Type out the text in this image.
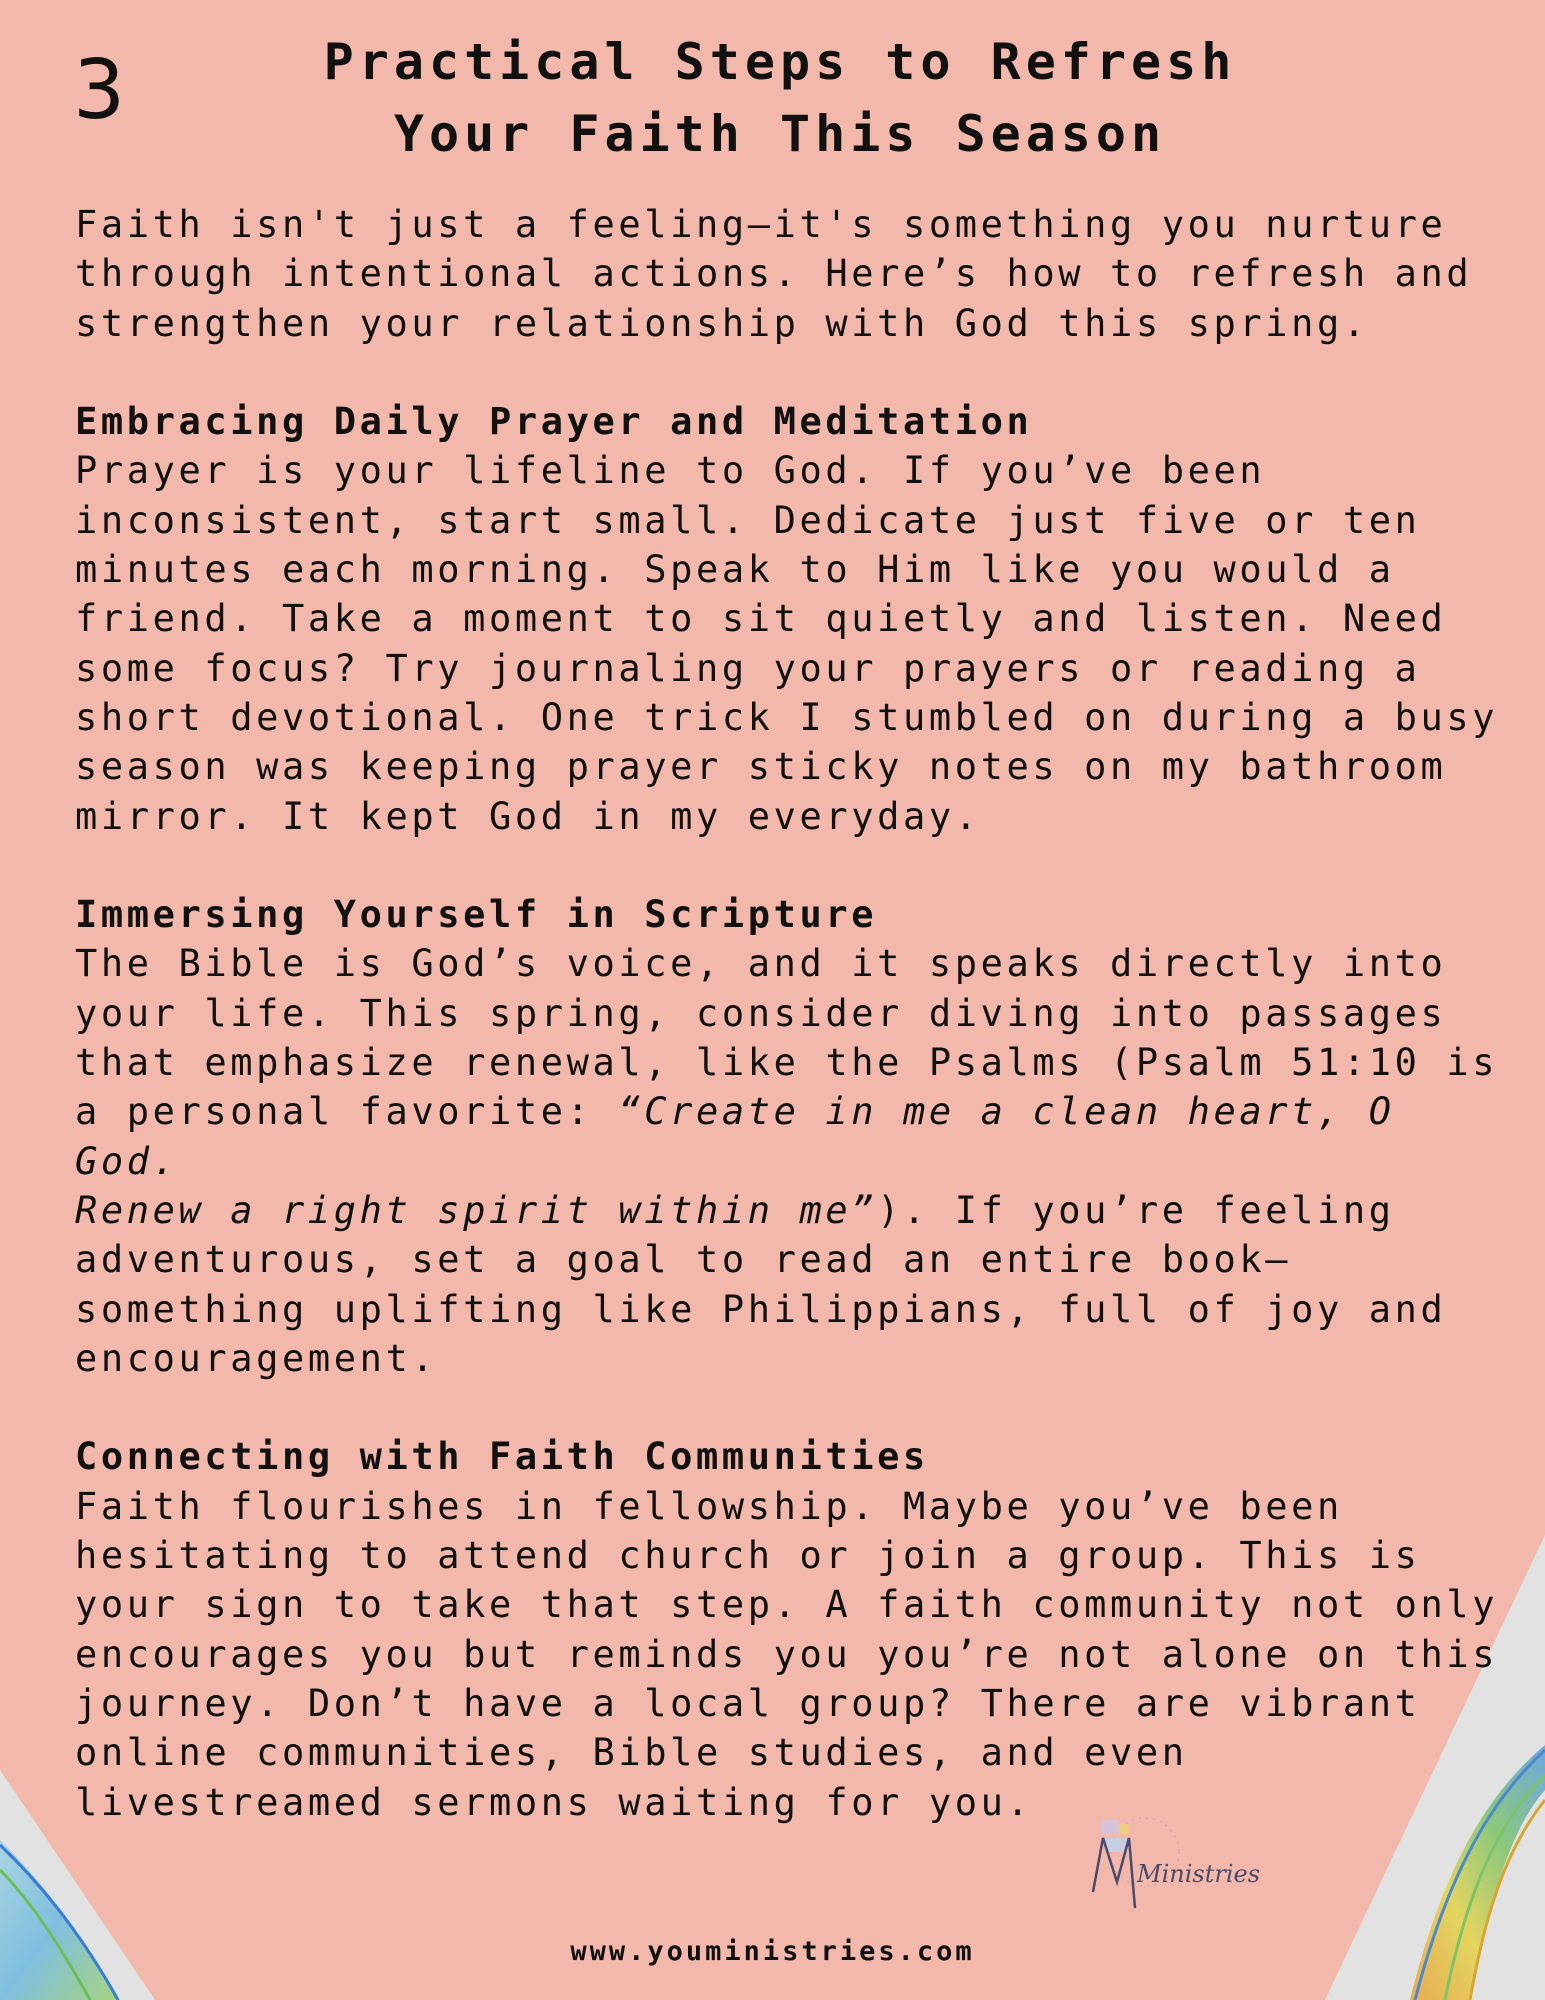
3	Practical Steps to Refresh
Your Faith This Season

Faith isn't just a feeling—it's something you nurture
through intentional actions. Here’s how to refresh and
strengthen your relationship with God this spring.

Embracing Daily Prayer and Meditation

Prayer is your lifeline to God. If you’ve been
inconsistent, start small. Dedicate just five or ten
minutes each morning. Speak to Him like you would a
friend. Take a moment to sit quietly and listen. Need
some focus? Try journaling your prayers or reading a
short devotional. One trick I stumbled on during a busy
season was keeping prayer sticky notes on my bathroom
mirror. It kept God in my everyday.

Immersing Yourself in Scripture

The Bible is God’s voice, and it speaks directly into
your life. This spring, consider diving into passages
that emphasize renewal, like the Psalms (Psalm 51:10 is
a personal favorite: “Create in me a clean heart, O God.
Renew a right spirit within me”). If you’re feeling
adventurous, set a goal to read an entire book—
something uplifting like Philippians, full of joy and
encouragement.

Connecting with Faith Communities

Faith flourishes in fellowship. Maybe you’ve been
hesitating to attend church or join a group. This is
your sign to take that step. A faith community not only
encourages you but reminds you you’re not alone on this
journey. Don’t have a local group? There are vibrant
online communities, Bible studies, and even
livestreamed sermons waiting for you.

Ministries
www.youministries.com
